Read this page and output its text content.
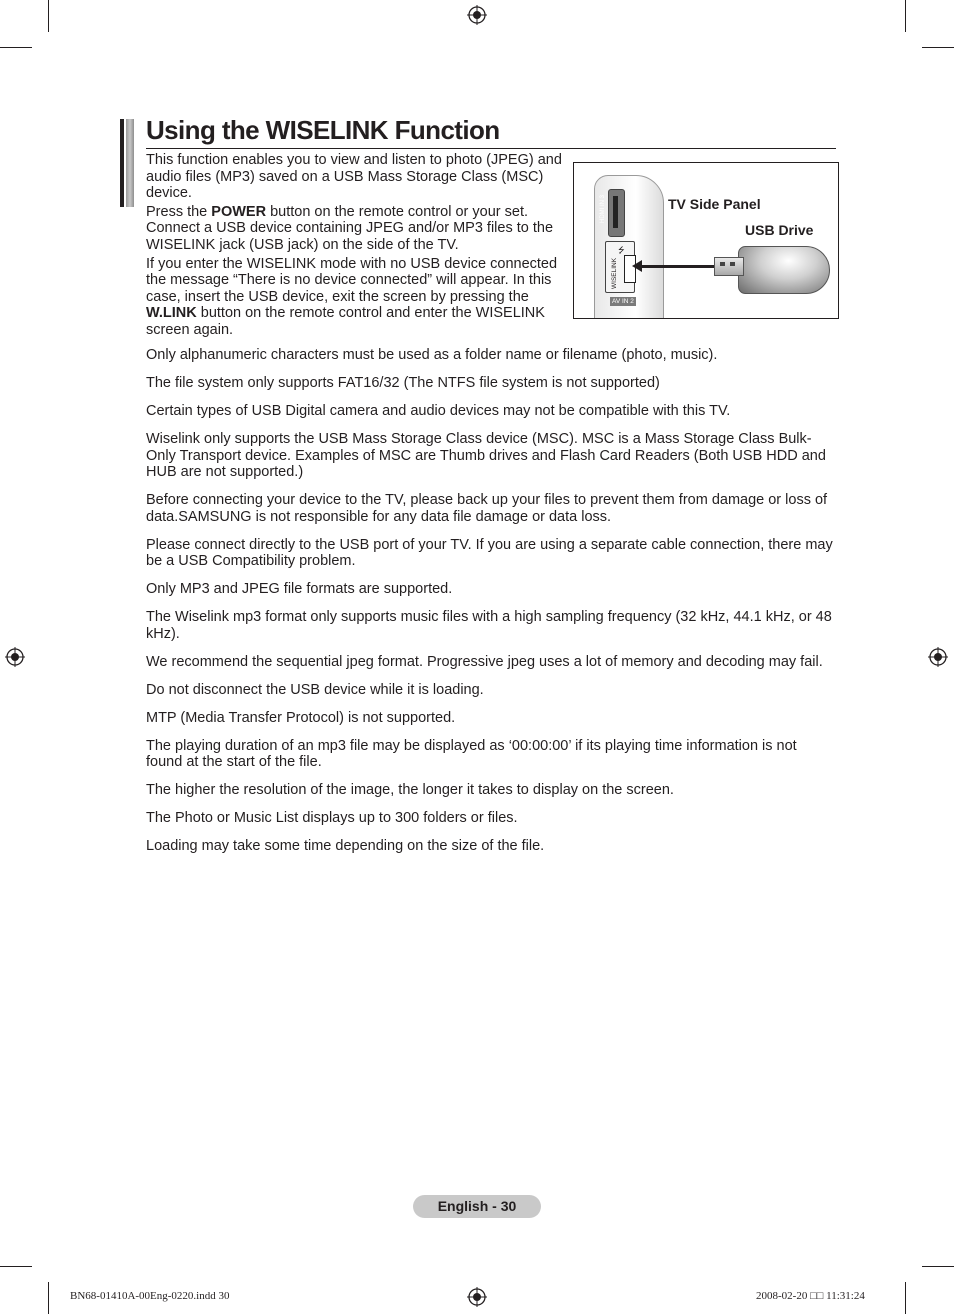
Using the WISELINK Function

This function enables you to view and listen to photo (JPEG) and audio files (MP3) saved on a USB Mass Storage Class (MSC) device.

Press the POWER button on the remote control or your set. Connect a USB device containing JPEG and/or MP3 files to the WISELINK jack (USB jack) on the side of the TV.

If you enter the WISELINK mode with no USB device connected the message “There is no device connected” will appear. In this case, insert the USB device, exit the screen by pressing the W.LINK button on the remote control and enter the WISELINK screen again.

HDMI IN 3
⭍
WISELINK
AV IN 2
TV Side Panel
USB Drive

Only alphanumeric characters must be used as a folder name or filename (photo, music).

The file system only supports FAT16/32 (The NTFS file system is not supported)

Certain types of USB Digital camera and audio devices may not be compatible with this TV.

Wiselink only supports the USB Mass Storage Class device (MSC). MSC is a Mass Storage Class Bulk-Only Transport device. Examples of MSC are Thumb drives and Flash Card Readers (Both USB HDD and HUB are not supported.)

Before connecting your device to the TV, please back up your files to prevent them from damage or loss of data.SAMSUNG is not responsible for any data file damage or data loss.

Please connect directly to the USB port of your TV. If you are using a separate cable connection, there may be a USB Compatibility problem.

Only MP3 and JPEG file formats are supported.

The Wiselink mp3 format only supports music files with a high sampling frequency (32 kHz, 44.1 kHz, or 48 kHz).

We recommend the sequential jpeg format. Progressive jpeg uses a lot of memory and decoding may fail.

Do not disconnect the USB device while it is loading.

MTP (Media Transfer Protocol) is not supported.

The playing duration of an mp3 file may be displayed as ‘00:00:00’ if its playing time information is not found at the start of the file.

The higher the resolution of the image, the longer it takes to display on the screen.

The Photo or Music List displays up to 300 folders or files.

Loading may take some time depending on the size of the file.

English - 30
BN68-01410A-00Eng-0220.indd 30	2008-02-20 □□ 11:31:24
